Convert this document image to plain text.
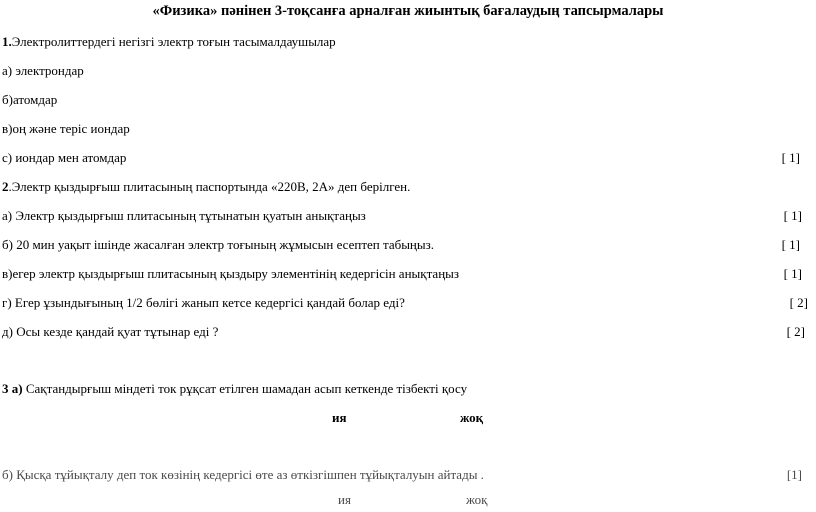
«Физика» пәнінен 3-тоқсанға арналған жиынтық бағалаудың тапсырмалары
1.Электролиттердегі негізгі электр тоғын тасымалдаушылар
а) электрондар
б)атомдар
в)оң және теріс иондар
с) иондар мен атомдар	[ 1]
2.Электр қыздырғыш плитасының паспортында «220В, 2А» деп берілген.
а) Электр қыздырғыш плитасының тұтынатын қуатын анықтаңыз	[ 1]
б) 20 мин уақыт ішінде жасалған электр тоғының жұмысын есептеп табыңыз.	[ 1]
в)егер электр қыздырғыш плитасының қыздыру элементінің кедергісін анықтаңыз	[ 1]
г) Егер ұзындығының 1/2 бөлігі жанып кетсе кедергісі қандай болар еді?	[ 2]
д) Осы кезде қандай қуат тұтынар еді ?	[ 2]
3 а) Сақтандырғыш міндеті ток рұқсат етілген шамадан асып кеткенде тізбекті қосу
ия	жоқ
б) Қысқа тұйықталу деп ток көзінің кедергісі өте аз өткізгішпен тұйықталуын айтады .	[1]
ия	жоқ
